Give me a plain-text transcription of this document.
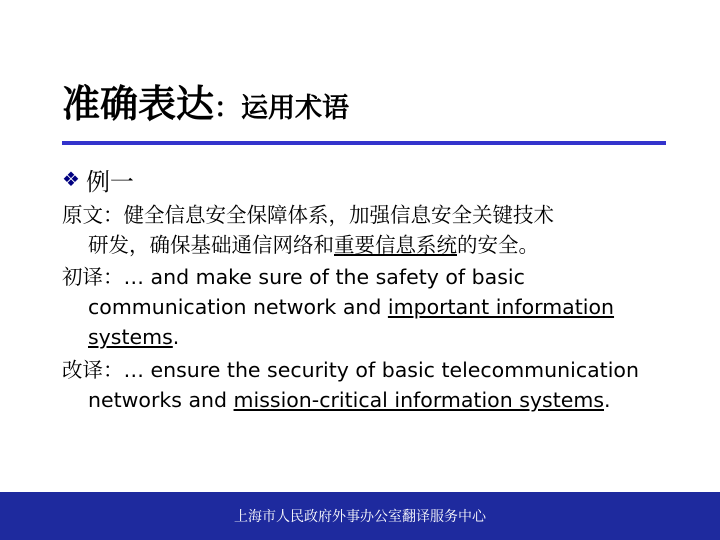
准确表达：运用术语
❖ 例一
原文：健全信息安全保障体系，加强信息安全关键技术
研发，确保基础通信网络和重要信息系统的安全。
初译：… and make sure of the safety of basic
communication network and important information
systems.
改译：… ensure the security of basic telecommunication
networks and mission-critical information systems.
上海市人民政府外事办公室翻译服务中心
